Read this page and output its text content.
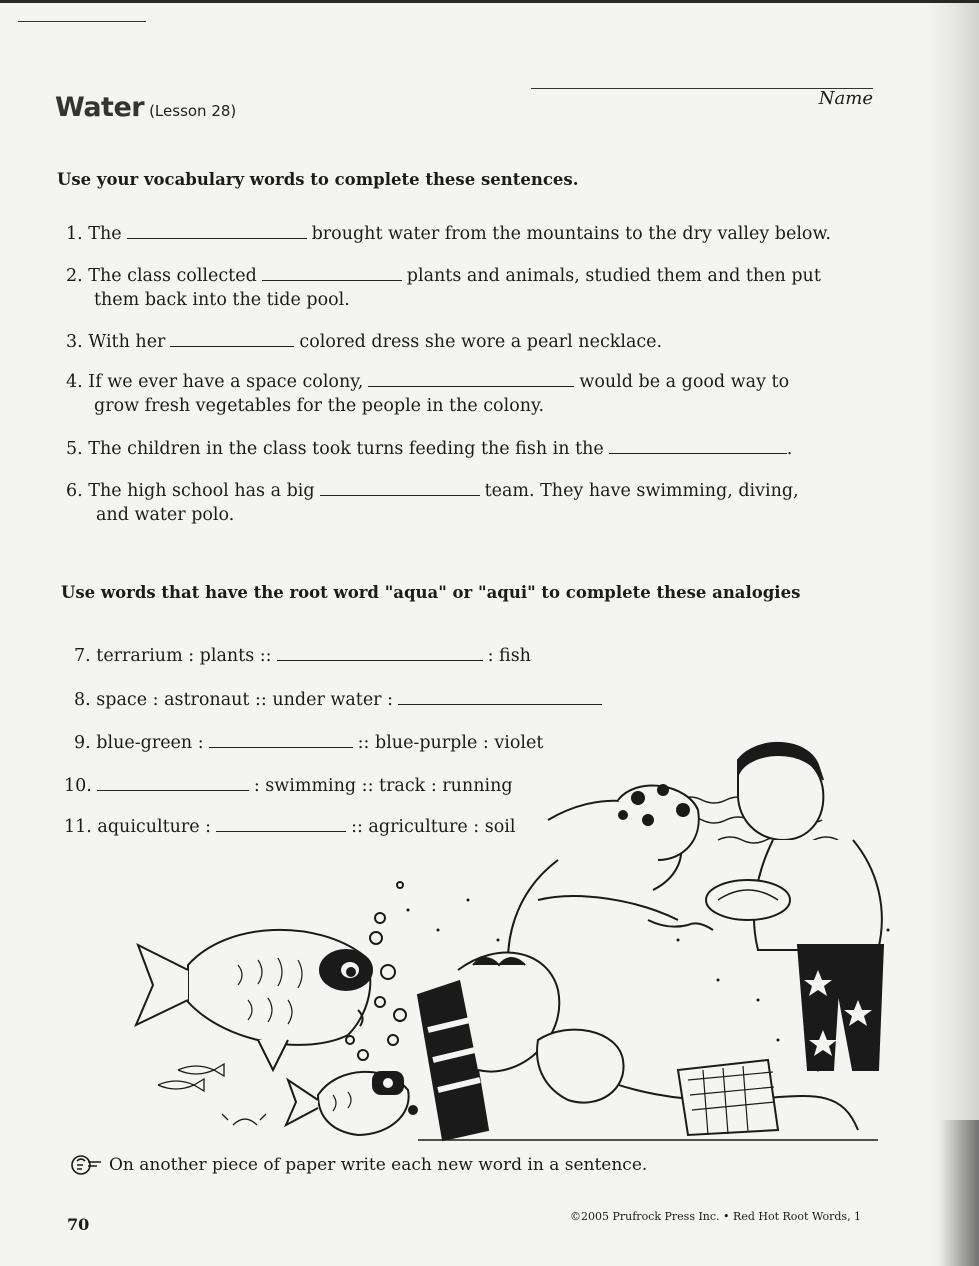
Water (Lesson 28)
Name
Use your vocabulary words to complete these sentences.
1. The	brought water from the mountains to the dry valley below.
2. The class collected	plants and animals, studied them and then put
them back into the tide pool.
3. With her	colored dress she wore a pearl necklace.
4. If we ever have a space colony,	would be a good way to
grow fresh vegetables for the people in the colony.
5. The children in the class took turns feeding the fish in the	.
6. The high school has a big	team. They have swimming, diving,
and water polo.
Use words that have the root word "aqua" or "aqui" to complete these analogies
7. terrarium : plants ::	: fish
8. space : astronaut :: under water :
9. blue-green :	:: blue-purple : violet
10.	: swimming :: track : running
11. aquiculture :	:: agriculture : soil
On another piece of paper write each new word in a sentence.
70	©2005 Prufrock Press Inc. • Red Hot Root Words, 1
